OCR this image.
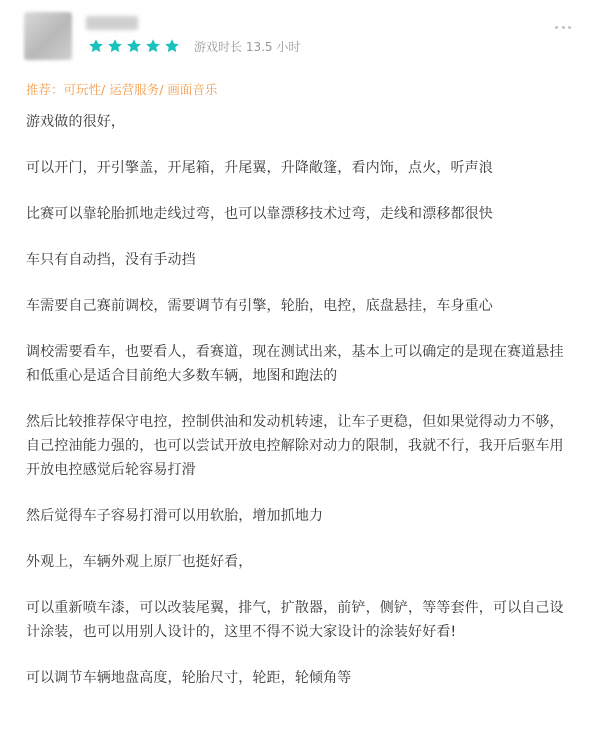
游戏时长 13.5 小时
推荐：可玩性/ 运营服务/ 画面音乐

游戏做的很好，

可以开门，开引擎盖，开尾箱，升尾翼，升降敞篷，看内饰，点火，听声浪

比赛可以靠轮胎抓地走线过弯，也可以靠漂移技术过弯，走线和漂移都很快

车只有自动挡，没有手动挡

车需要自己赛前调校，需要调节有引擎，轮胎，电控，底盘悬挂，车身重心

调校需要看车，也要看人，看赛道，现在测试出来，基本上可以确定的是现在赛道悬挂和低重心是适合目前绝大多数车辆，地图和跑法的

然后比较推荐保守电控，控制供油和发动机转速，让车子更稳，但如果觉得动力不够，自己控油能力强的，也可以尝试开放电控解除对动力的限制，我就不行，我开后驱车用开放电控感觉后轮容易打滑

然后觉得车子容易打滑可以用软胎，增加抓地力

外观上，车辆外观上原厂也挺好看，

可以重新喷车漆，可以改装尾翼，排气，扩散器，前铲，侧铲，等等套件，可以自己设计涂装，也可以用别人设计的，这里不得不说大家设计的涂装好好看!

可以调节车辆地盘高度，轮胎尺寸，轮距，轮倾角等
